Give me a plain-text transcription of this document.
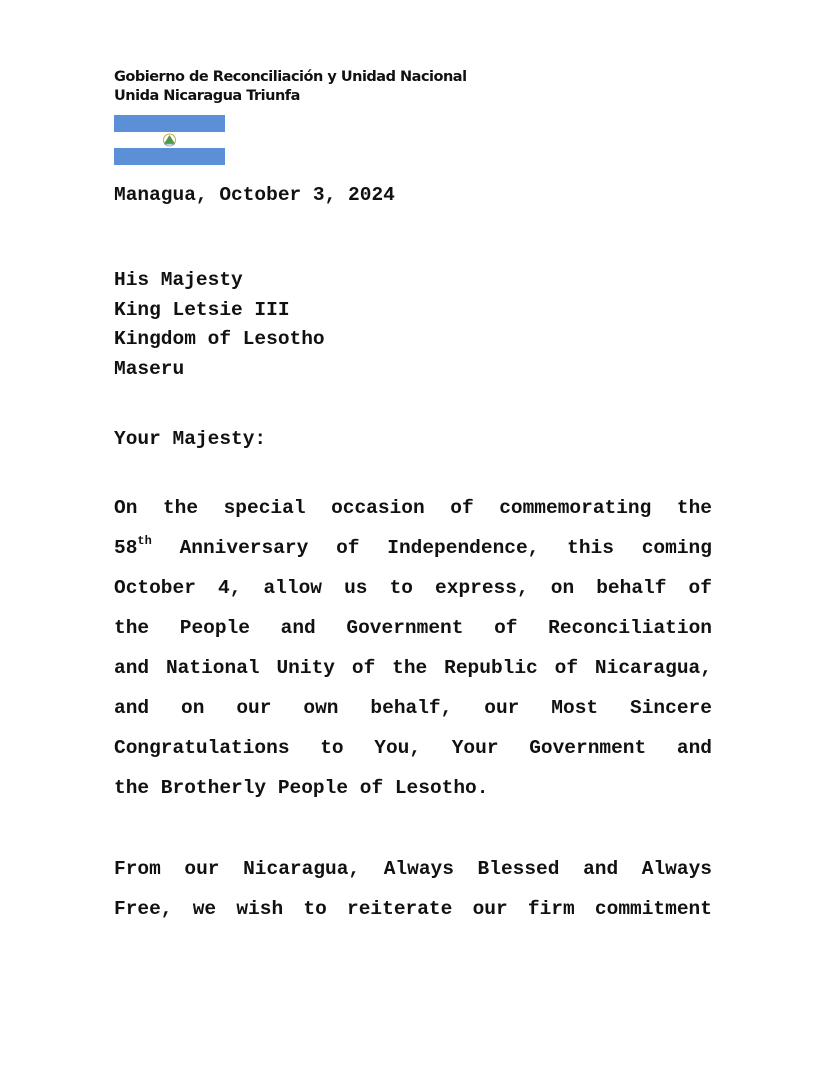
Gobierno de Reconciliación y Unidad Nacional
Unida Nicaragua Triunfa
Managua, October 3, 2024
His Majesty
King Letsie III
Kingdom of Lesotho
Maseru
Your Majesty:
On the special occasion of commemorating the
58th Anniversary of Independence, this coming
October 4, allow us to express, on behalf of
the People and Government of Reconciliation
and National Unity of the Republic of Nicaragua,
and on our own behalf, our Most Sincere
Congratulations to You, Your Government and
the Brotherly People of Lesotho.
From our Nicaragua, Always Blessed and Always
Free, we wish to reiterate our firm commitment
